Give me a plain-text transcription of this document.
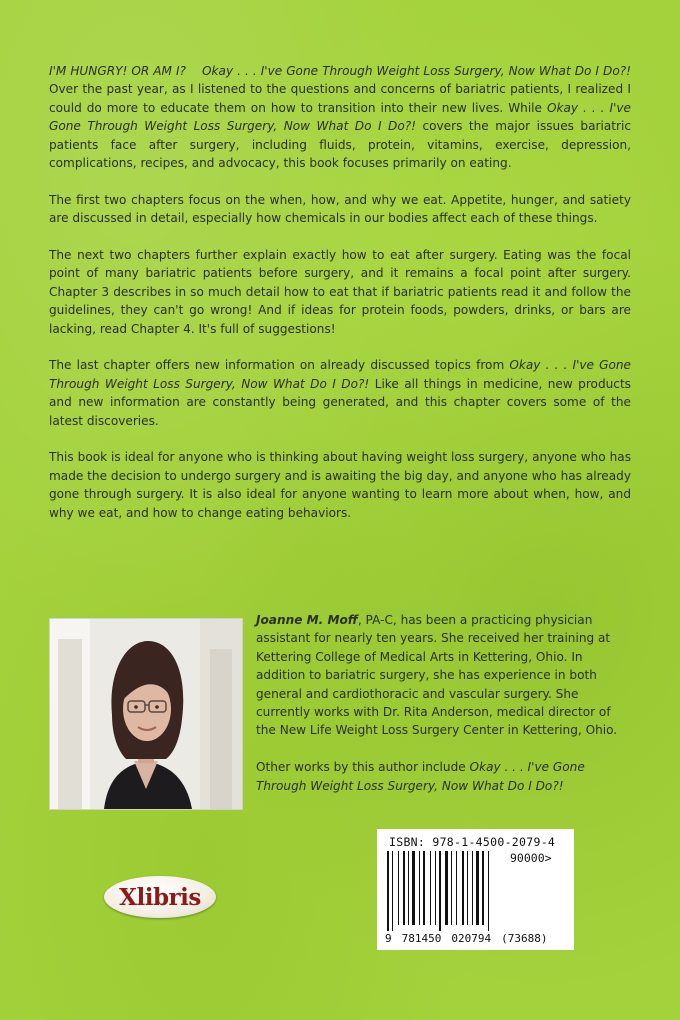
I'M HUNGRY! OR AM I? Okay . . . I've Gone Through Weight Loss Surgery, Now What Do I Do?! Over the past year, as I listened to the questions and concerns of bariatric patients, I realized I could do more to educate them on how to transition into their new lives. While Okay . . . I've Gone Through Weight Loss Surgery, Now What Do I Do?! covers the major issues bariatric patients face after surgery, including fluids, protein, vitamins, exercise, depression, complications, recipes, and advocacy, this book focuses primarily on eating.

The first two chapters focus on the when, how, and why we eat. Appetite, hunger, and satiety are discussed in detail, especially how chemicals in our bodies affect each of these things.

The next two chapters further explain exactly how to eat after surgery. Eating was the focal point of many bariatric patients before surgery, and it remains a focal point after surgery. Chapter 3 describes in so much detail how to eat that if bariatric patients read it and follow the guidelines, they can't go wrong! And if ideas for protein foods, powders, drinks, or bars are lacking, read Chapter 4. It's full of suggestions!

The last chapter offers new information on already discussed topics from Okay . . . I've Gone Through Weight Loss Surgery, Now What Do I Do?! Like all things in medicine, new products and new information are constantly being generated, and this chapter covers some of the latest discoveries.

This book is ideal for anyone who is thinking about having weight loss surgery, anyone who has made the decision to undergo surgery and is awaiting the big day, and anyone who has already gone through surgery. It is also ideal for anyone wanting to learn more about when, how, and why we eat, and how to change eating behaviors.

Joanne M. Moff, PA-C, has been a practicing physician assistant for nearly ten years. She received her training at Kettering College of Medical Arts in Kettering, Ohio. In addition to bariatric surgery, she has experience in both general and cardiothoracic and vascular surgery. She currently works with Dr. Rita Anderson, medical director of the New Life Weight Loss Surgery Center in Kettering, Ohio.

Other works by this author include Okay . . . I've Gone Through Weight Loss Surgery, Now What Do I Do?!

Xlibris
ISBN: 978-1-4500-2079-4
90000>
9 781450 020794 (73688)
